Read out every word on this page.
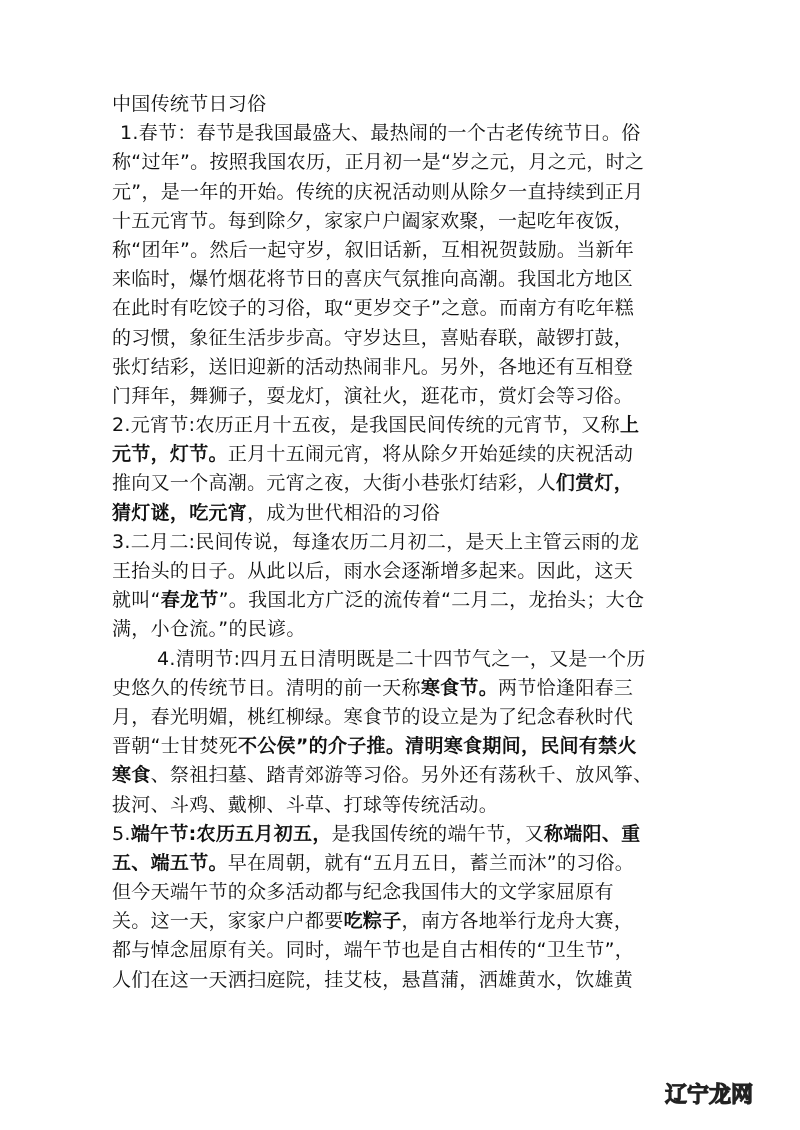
中国传统节日习俗
1.春节：春节是我国最盛大、最热闹的一个古老传统节日。俗
称“过年”。按照我国农历，正月初一是“岁之元，月之元，时之
元”，是一年的开始。传统的庆祝活动则从除夕一直持续到正月
十五元宵节。每到除夕，家家户户阖家欢聚，一起吃年夜饭，
称“团年”。然后一起守岁，叙旧话新，互相祝贺鼓励。当新年
来临时，爆竹烟花将节日的喜庆气氛推向高潮。我国北方地区
在此时有吃饺子的习俗，取“更岁交子”之意。而南方有吃年糕
的习惯，象征生活步步高。守岁达旦，喜贴春联，敲锣打鼓，
张灯结彩，送旧迎新的活动热闹非凡。另外，各地还有互相登
门拜年，舞狮子，耍龙灯，演社火，逛花市，赏灯会等习俗。
2.元宵节:农历正月十五夜，是我国民间传统的元宵节，又称上
元节，灯节。正月十五闹元宵，将从除夕开始延续的庆祝活动
推向又一个高潮。元宵之夜，大街小巷张灯结彩，人们赏灯，
猜灯谜，吃元宵，成为世代相沿的习俗
3.二月二:民间传说，每逢农历二月初二，是天上主管云雨的龙
王抬头的日子。从此以后，雨水会逐渐增多起来。因此，这天
就叫“春龙节”。我国北方广泛的流传着“二月二，龙抬头；大仓
满，小仓流。”的民谚。
4.清明节:四月五日清明既是二十四节气之一，又是一个历
史悠久的传统节日。清明的前一天称寒食节。两节恰逢阳春三
月，春光明媚，桃红柳绿。寒食节的设立是为了纪念春秋时代
晋朝“士甘焚死不公侯”的介子推。清明寒食期间，民间有禁火
寒食、祭祖扫墓、踏青郊游等习俗。另外还有荡秋千、放风筝、
拔河、斗鸡、戴柳、斗草、打球等传统活动。
5.端午节:农历五月初五，是我国传统的端午节，又称端阳、重
五、端五节。早在周朝，就有“五月五日，蓄兰而沐”的习俗。
但今天端午节的众多活动都与纪念我国伟大的文学家屈原有
关。这一天，家家户户都要吃粽子，南方各地举行龙舟大赛，
都与悼念屈原有关。同时，端午节也是自古相传的“卫生节”，
人们在这一天洒扫庭院，挂艾枝，悬菖蒲，洒雄黄水，饮雄黄
辽宁龙网
